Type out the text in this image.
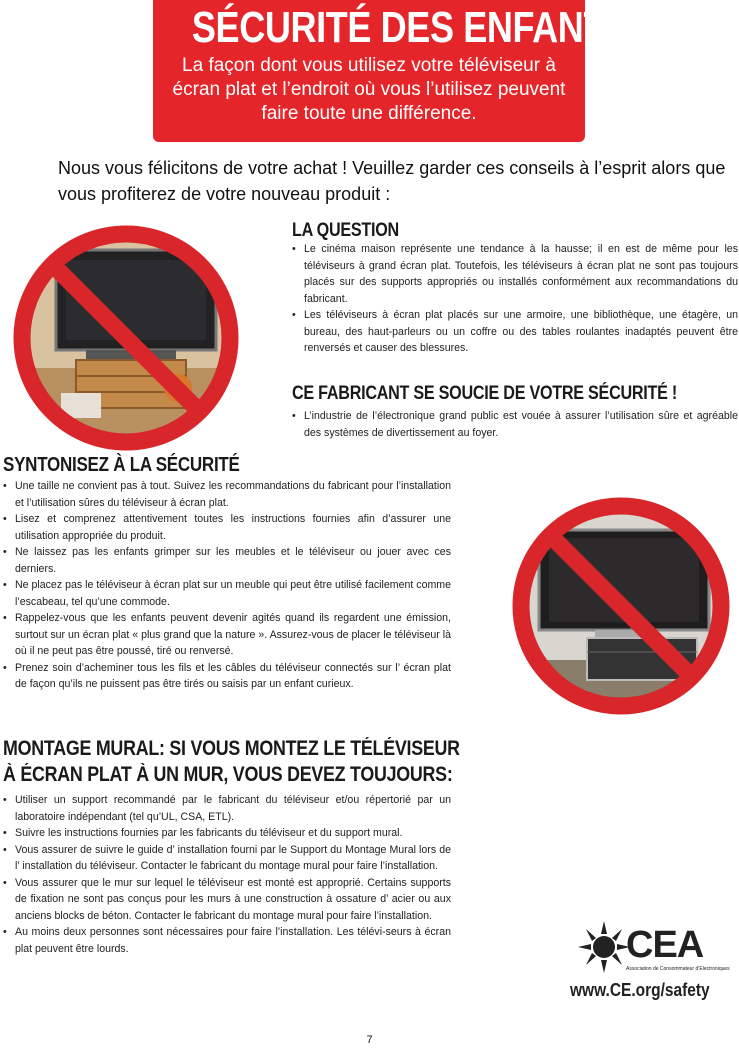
SÉCURITÉ DES ENFANTS:
La façon dont vous utilisez votre téléviseur à écran plat et l’endroit où vous l’utilisez peuvent faire toute une différence.
Nous vous félicitons de votre achat ! Veuillez garder ces conseils à l’esprit alors que vous profiterez de votre nouveau produit :
LA QUESTION
• Le cinéma maison représente une tendance à la hausse; il en est de même pour les téléviseurs à grand écran plat. Toutefois, les téléviseurs à écran plat ne sont pas toujours placés sur des supports appropriés ou installés conformément aux recommandations du fabricant.
• Les téléviseurs à écran plat placés sur une armoire, une bibliothèque, une étagère, un bureau, des haut-parleurs ou un coffre ou des tables roulantes inadaptés peuvent être renversés et causer des blessures.
CE FABRICANT SE SOUCIE DE VOTRE SÉCURITÉ !
• L’industrie de l’électronique grand public est vouée à assurer l’utilisation sûre et agréable des systèmes de divertissement au foyer.
SYNTONISEZ À LA SÉCURITÉ
• Une taille ne convient pas à tout. Suivez les recommandations du fabricant pour l’installation et l’utilisation sûres du téléviseur à écran plat.
• Lisez et comprenez attentivement toutes les instructions fournies afin d’assurer une utilisation appropriée du produit.
• Ne laissez pas les enfants grimper sur les meubles et le téléviseur ou jouer avec ces derniers.
• Ne placez pas le téléviseur à écran plat sur un meuble qui peut être utilisé facilement comme l’escabeau, tel qu’une commode.
• Rappelez-vous que les enfants peuvent devenir agités quand ils regardent une émission, surtout sur un écran plat « plus grand que la nature ». Assurez-vous de placer le téléviseur là où il ne peut pas être poussé, tiré ou renversé.
• Prenez soin d’acheminer tous les fils et les câbles du téléviseur connectés sur l’ écran plat de façon qu’ils ne puissent pas être tirés ou saisis par un enfant curieux.
MONTAGE MURAL: SI VOUS MONTEZ LE TÉLÉVISEUR
À ÉCRAN PLAT À UN MUR, VOUS DEVEZ TOUJOURS:
• Utiliser un support recommandé par le fabricant du téléviseur et/ou répertorié par un laboratoire indépendant (tel qu’UL, CSA, ETL).
• Suivre les instructions fournies par les fabricants du téléviseur et du support mural.
• Vous assurer de suivre le guide d’ installation fourni par le Support du Montage Mural lors de l’ installation du téléviseur. Contacter le fabricant du montage mural pour faire l’installation.
• Vous assurer que le mur sur lequel le téléviseur est monté est approprié. Certains supports de fixation ne sont pas conçus pour les murs à une construction à ossature d’ acier ou aux anciens blocks de béton. Contacter le fabricant du montage mural pour faire l’installation.
• Au moins deux personnes sont nécessaires pour faire l’installation. Les télévi-seurs à écran plat peuvent être lourds.	CEA
Association de Consommateur d’Electroniques
www.CE.org/safety
7
